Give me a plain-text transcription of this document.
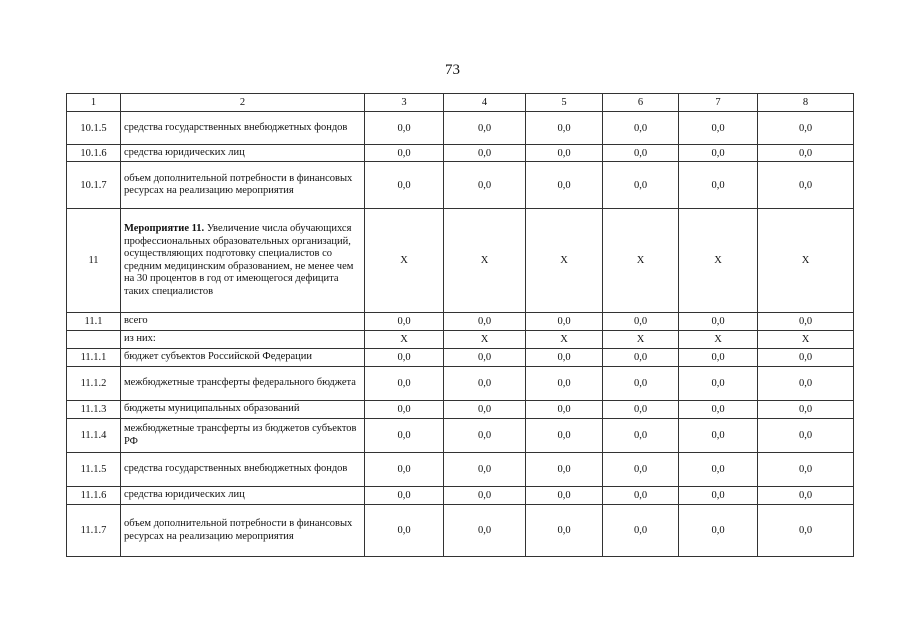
73
1	2	3	4	5	6	7	8
10.1.5	средства государственных внебюджетных фондов	0,0	0,0	0,0	0,0	0,0	0,0
10.1.6	средства юридических лиц	0,0	0,0	0,0	0,0	0,0	0,0
10.1.7	объем дополнительной потребности в финансовых ресурсах на реализацию мероприятия	0,0	0,0	0,0	0,0	0,0	0,0
11	Мероприятие 11. Увеличение числа обучающихся профессиональных образовательных организаций, осуществляющих подготовку специалистов со средним медицинским образованием, не менее чем на 30 процентов в год от имеющегося дефицита таких специалистов	X	X	X	X	X	X
11.1	всего	0,0	0,0	0,0	0,0	0,0	0,0
	из них:	X	X	X	X	X	X
11.1.1	бюджет субъектов Российской Федерации	0,0	0,0	0,0	0,0	0,0	0,0
11.1.2	межбюджетные трансферты федерального бюджета	0,0	0,0	0,0	0,0	0,0	0,0
11.1.3	бюджеты муниципальных образований	0,0	0,0	0,0	0,0	0,0	0,0
11.1.4	межбюджетные трансферты из бюджетов субъектов РФ	0,0	0,0	0,0	0,0	0,0	0,0
11.1.5	средства государственных внебюджетных фондов	0,0	0,0	0,0	0,0	0,0	0,0
11.1.6	средства юридических лиц	0,0	0,0	0,0	0,0	0,0	0,0
11.1.7	объем дополнительной потребности в финансовых ресурсах на реализацию мероприятия	0,0	0,0	0,0	0,0	0,0	0,0
